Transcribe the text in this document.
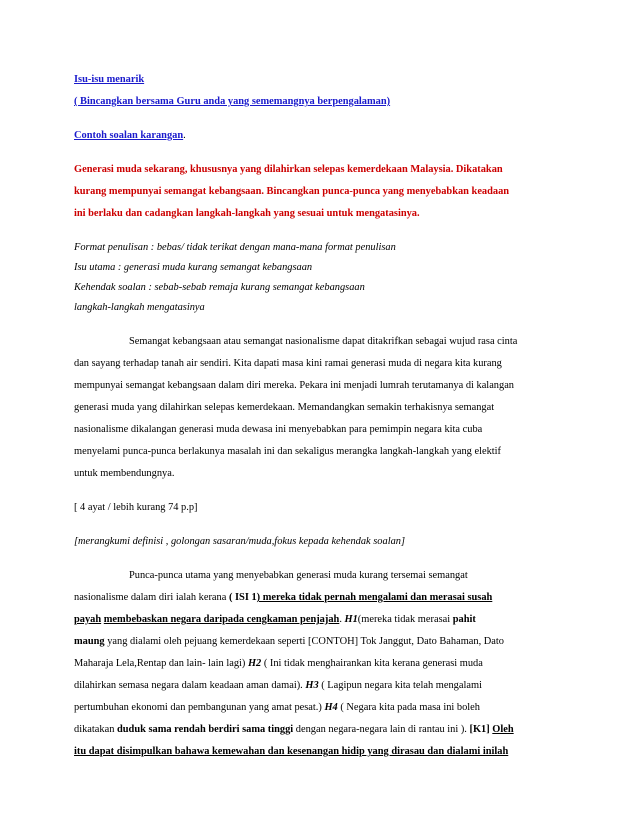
Isu-isu menarik

( Bincangkan bersama Guru anda yang sememangnya berpengalaman)

Contoh soalan karangan.

Generasi muda sekarang, khususnya yang dilahirkan selepas kemerdekaan Malaysia. Dikatakan

kurang mempunyai semangat kebangsaan. Bincangkan punca-punca yang menyebabkan keadaan

ini berlaku dan cadangkan langkah-langkah yang sesuai untuk mengatasinya.

Format penulisan : bebas/ tidak terikat dengan mana-mana format penulisan

Isu utama : generasi muda kurang semangat kebangsaan

Kehendak soalan : sebab-sebab remaja kurang semangat kebangsaan

langkah-langkah mengatasinya

Semangat kebangsaan atau semangat nasionalisme dapat ditakrifkan sebagai wujud rasa cinta

dan sayang terhadap tanah air sendiri. Kita dapati masa kini ramai generasi muda di negara kita kurang

mempunyai semangat kebangsaan dalam diri mereka. Pekara ini menjadi lumrah terutamanya di kalangan

generasi muda yang dilahirkan selepas kemerdekaan. Memandangkan semakin terhakisnya semangat

nasionalisme dikalangan generasi muda dewasa ini menyebabkan para pemimpin negara kita cuba

menyelami punca-punca berlakunya masalah ini dan sekaligus merangka langkah-langkah yang elektif

untuk membendungnya.

[ 4 ayat / lebih kurang 74 p.p]

[merangkumi definisi , golongan sasaran/muda,fokus kepada kehendak soalan]

Punca-punca utama yang menyebabkan generasi muda kurang tersemai semangat

nasionalisme dalam diri ialah kerana ( ISI 1) mereka tidak pernah mengalami dan merasai susah

payah membebaskan negara daripada cengkaman penjajah. H1(mereka tidak merasai pahit

maung yang dialami oleh pejuang kemerdekaan seperti [CONTOH] Tok Janggut, Dato Bahaman, Dato

Maharaja Lela,Rentap dan lain- lain lagi) H2 ( Ini tidak menghairankan kita kerana generasi muda

dilahirkan semasa negara dalam keadaan aman damai). H3 ( Lagipun negara kita telah mengalami

pertumbuhan ekonomi dan pembangunan yang amat pesat.) H4 ( Negara kita pada masa ini boleh

dikatakan duduk sama rendah berdiri sama tinggi dengan negara-negara lain di rantau ini ). [K1] Oleh

itu dapat disimpulkan bahawa kemewahan dan kesenangan hidip yang dirasau dan dialami inilah
